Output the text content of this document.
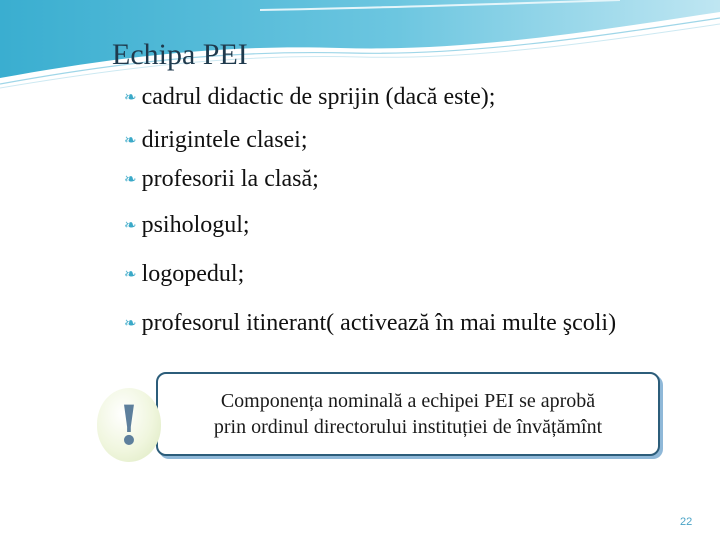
Echipa PEI
❧ cadrul didactic de sprijin (dacă este);
❧ dirigintele clasei;
❧ profesorii la clasă;
❧ psihologul;
❧ logopedul;
❧ profesorul itinerant( activează în mai multe şcoli)
Componența nominală a echipei PEI se aprobă
prin ordinul directorului instituției de învățămînt
!
22
